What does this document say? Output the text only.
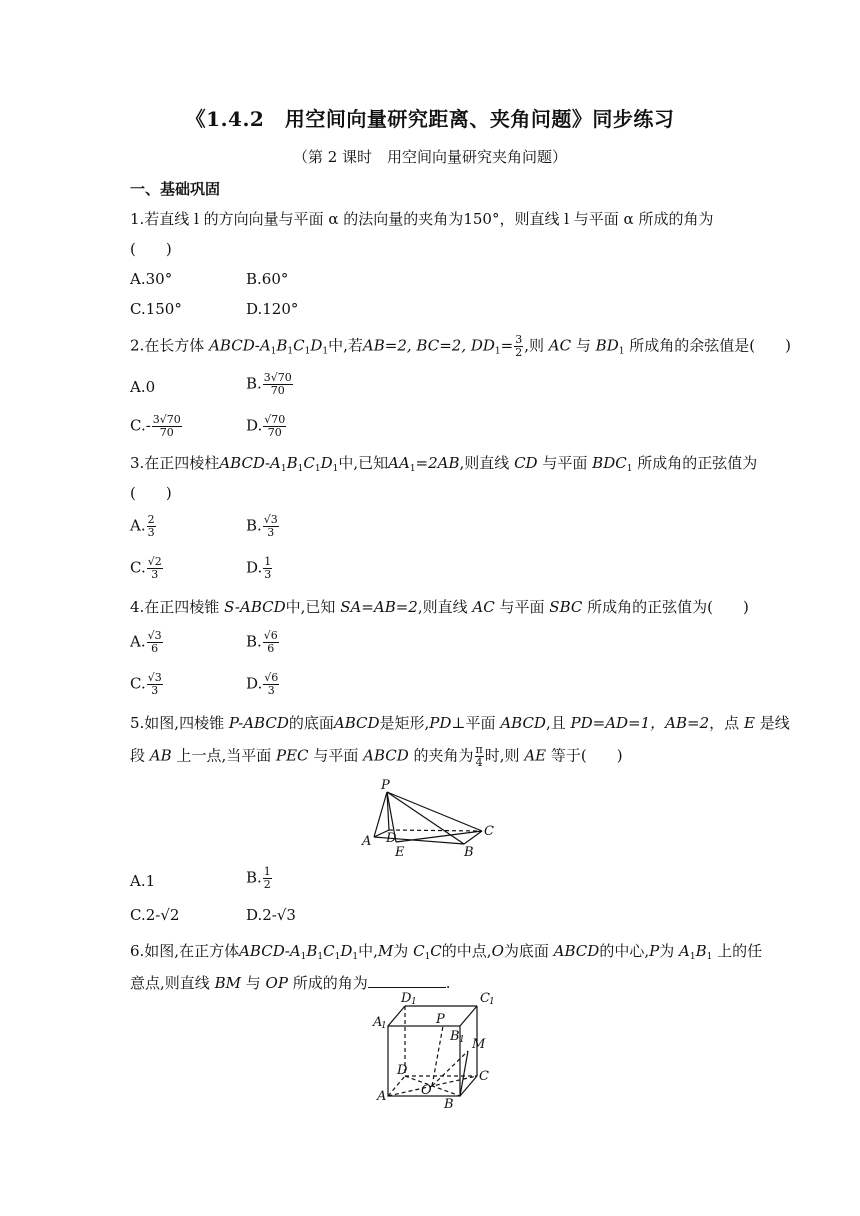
《1.4.2　用空间向量研究距离、夹角问题》同步练习
（第 2 课时　用空间向量研究夹角问题）
一、基础巩固
1.若直线 l 的方向向量与平面 α 的法向量的夹角为150°，则直线 l 与平面 α 所成的角为
(　　)
A.30°	B.60°
C.150°	D.120°
2.在长方体 ABCD-$A_1B_1C_1D_1$中,若AB=2, BC=2, $DD_1= \frac{3}{2}$ ,则 AC 与 $BD_1$ 所成角的余弦值是(　　)
A.0	B. $\frac{3√70}{70}$
$C.- \frac{3√70}{70}$	D. $\frac{√70}{70}$
3.在正四棱柱ABCD-$A_1B_1C_1D_1$中,已知$AA_1=2AB$,则直线 CD 与平面 $BDC_1$ 所成角的正弦值为
(　　)
A. $\frac{2}{3}$	B. $\frac{√3}{3}$
C. $\frac{√2}{3}$	D. $\frac{1}{3}$
4.在正四棱锥 S-ABCD中,已知 SA=AB=2,则直线 AC 与平面 SBC 所成角的正弦值为(　　)
A. $\frac{√3}{6}$	B. $\frac{√6}{6}$
C. $\frac{√3}{3}$	D. $\frac{√6}{3}$
5.如图,四棱锥 P-ABCD的底面ABCD是矩形,PD⊥平面 ABCD,且 PD=AD=1，AB=2，点 E 是线
段 AB 上一点,当平面 PEC 与平面 ABCD 的夹角为 $\frac{\pi}{4}$ 时,则 AE 等于(　　)
P
A D
E	B
C
A.1	B. $\frac{1}{2}$
C.2-√2	D.2-√3
6.如图,在正方体ABCD-$A_1B_1C_1D_1$中,M为 $C_1C$的中点,O为底面 ABCD的中心,P为 $A_1B_1$ 上的任
意点,则直线 BM 与 OP 所成的角为	.
D 1	C 1
A
1	P
B 1 M
D	C
O
A
B
